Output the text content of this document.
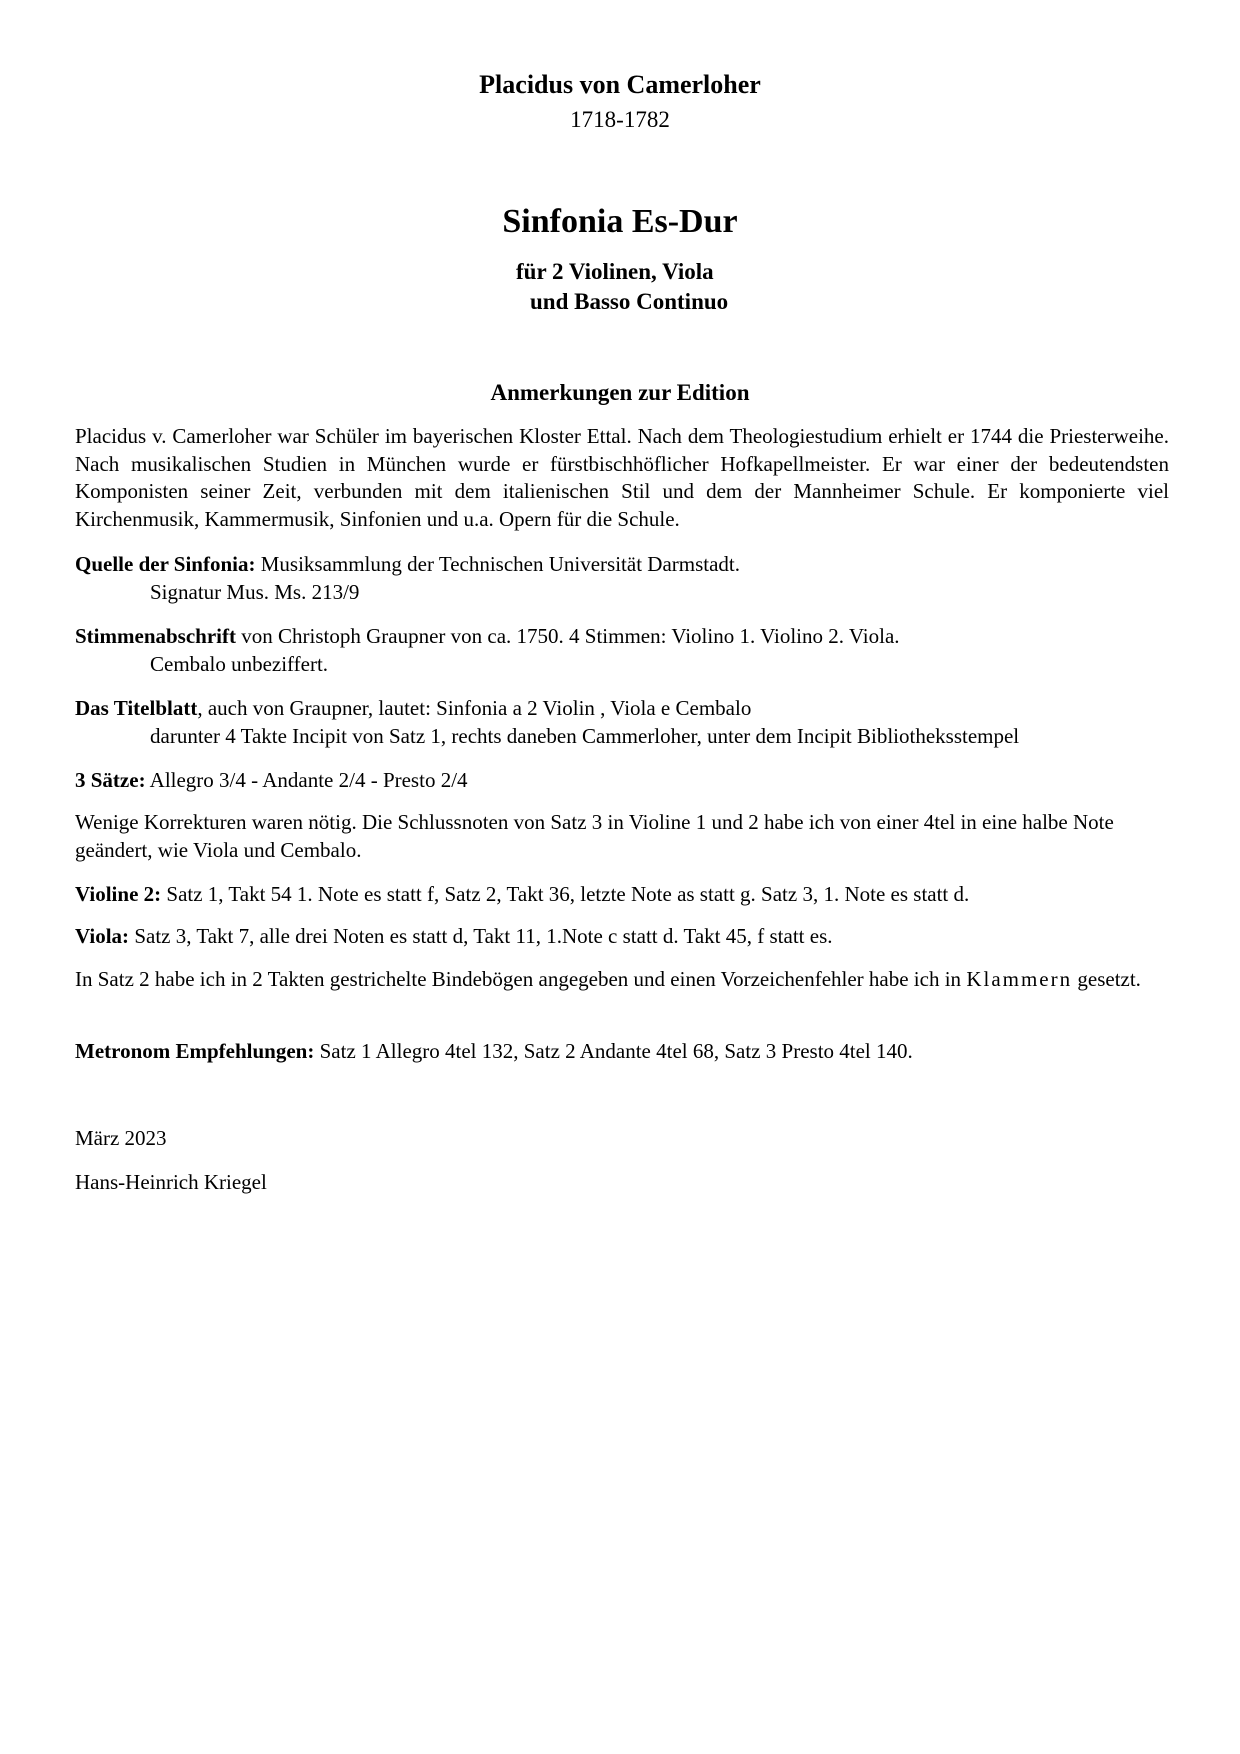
Placidus von Camerloher
1718-1782
Sinfonia Es-Dur
für 2 Violinen, Viola
und Basso Continuo
Anmerkungen zur Edition
Placidus v. Camerloher war Schüler im bayerischen Kloster Ettal. Nach dem Theologiestudium erhielt er 1744 die Priesterweihe. Nach musikalischen Studien in München wurde er fürstbischhöflicher Hofkapellmeister. Er war einer der bedeutendsten Komponisten seiner Zeit, verbunden mit dem italienischen Stil und dem der Mannheimer Schule. Er komponierte viel Kirchenmusik, Kammermusik, Sinfonien und u.a. Opern für die Schule.
Quelle der Sinfonia: Musiksammlung der Technischen Universität Darmstadt.
Signatur Mus. Ms. 213/9
Stimmenabschrift von Christoph Graupner von ca. 1750. 4 Stimmen: Violino 1. Violino 2. Viola.
Cembalo unbeziffert.
Das Titelblatt, auch von Graupner, lautet: Sinfonia a 2 Violin , Viola e Cembalo
darunter 4 Takte Incipit von Satz 1, rechts daneben Cammerloher, unter dem Incipit Bibliotheksstempel
3 Sätze: Allegro 3/4 - Andante 2/4 - Presto 2/4
Wenige Korrekturen waren nötig. Die Schlussnoten von Satz 3 in Violine 1 und 2 habe ich von einer 4tel in eine halbe Note geändert, wie Viola und Cembalo.
Violine 2: Satz 1, Takt 54 1. Note es statt f, Satz 2, Takt 36, letzte Note as statt g. Satz 3, 1. Note es statt d.
Viola: Satz 3, Takt 7, alle drei Noten es statt d, Takt 11, 1.Note c statt d. Takt 45, f statt es.
In Satz 2 habe ich in 2 Takten gestrichelte Bindebögen angegeben und einen Vorzeichenfehler habe ich in Klammern gesetzt.
Metronom Empfehlungen: Satz 1 Allegro 4tel 132, Satz 2 Andante 4tel 68, Satz 3 Presto 4tel 140.
März 2023
Hans-Heinrich Kriegel
